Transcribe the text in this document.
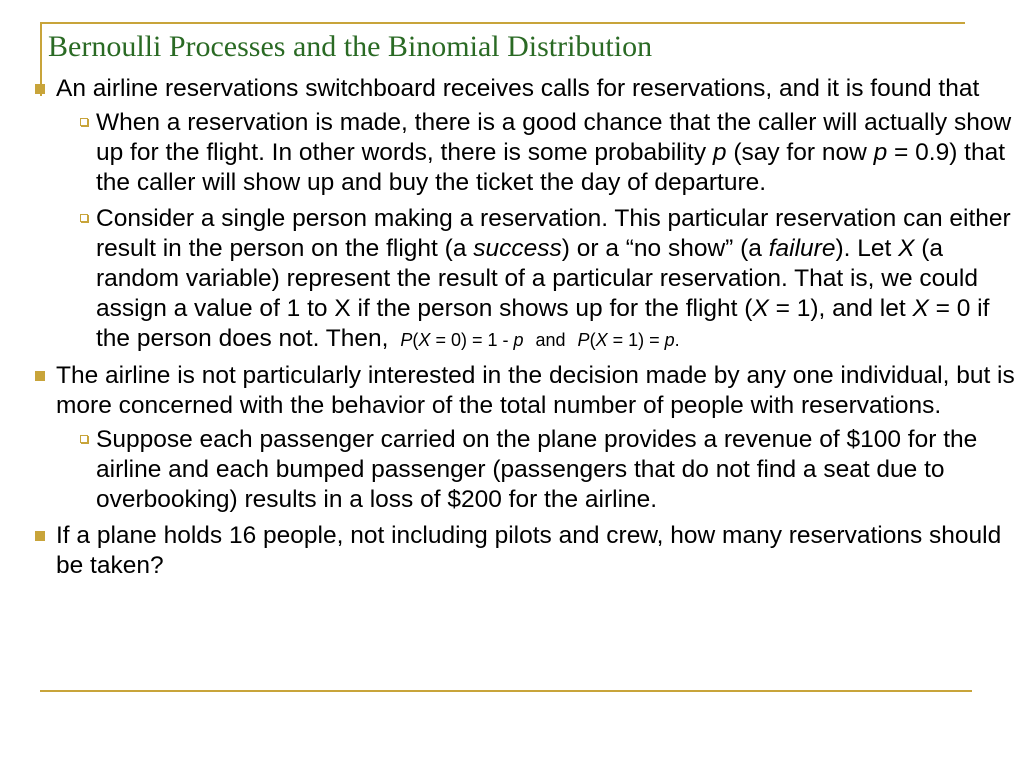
Bernoulli Processes and the Binomial Distribution
An airline reservations switchboard receives calls for reservations, and it is found that
When a reservation is made, there is a good chance that the caller will actually show up for the flight. In other words, there is some probability p (say for now p = 0.9) that the caller will show up and buy the ticket the day of departure.
Consider a single person making a reservation. This particular reservation can either result in the person on the flight (a success) or a “no show” (a failure). Let X (a random variable) represent the result of a particular reservation. That is, we could assign a value of 1 to X if the person shows up for the flight (X = 1), and let X = 0 if the person does not. Then, P(X = 0) = 1 - p and P(X = 1) = p.
The airline is not particularly interested in the decision made by any one individual, but is more concerned with the behavior of the total number of people with reservations.
Suppose each passenger carried on the plane provides a revenue of $100 for the airline and each bumped passenger (passengers that do not find a seat due to overbooking) results in a loss of $200 for the airline.
If a plane holds 16 people, not including pilots and crew, how many reservations should be taken?
